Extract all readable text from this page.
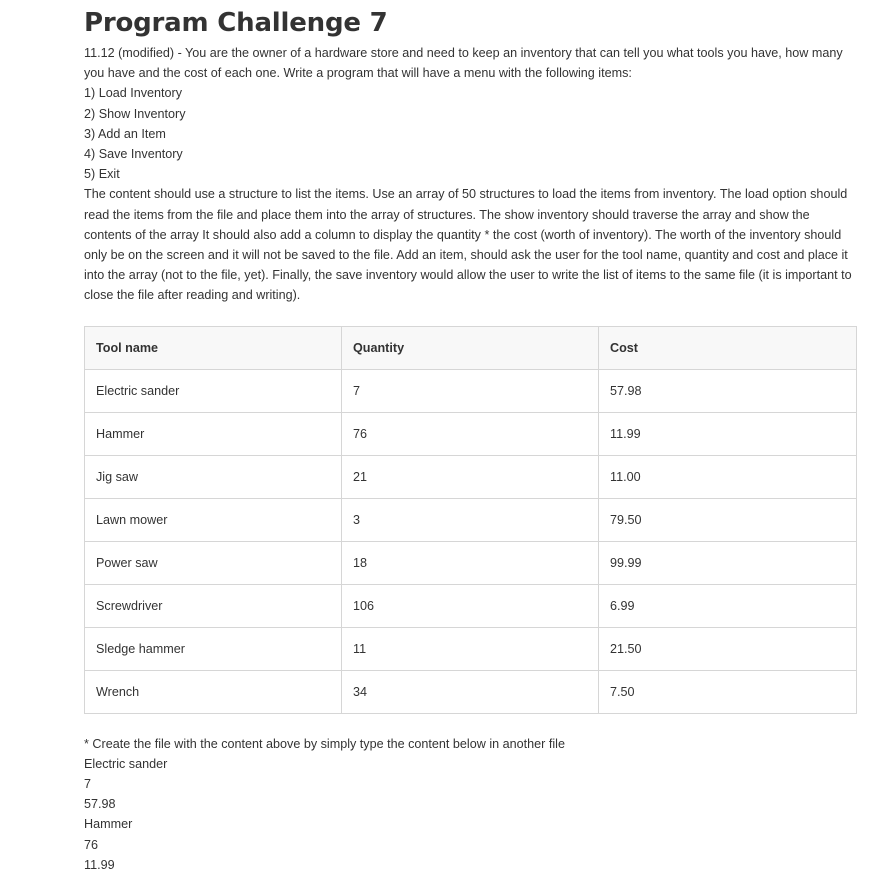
Program Challenge 7

11.12 (modified) - You are the owner of a hardware store and need to keep an inventory that can tell you what tools you have, how many you have and the cost of each one. Write a program that will have a menu with the following items:

1) Load Inventory
2) Show Inventory
3) Add an Item
4) Save Inventory
5) Exit

The content should use a structure to list the items. Use an array of 50 structures to load the items from inventory. The load option should read the items from the file and place them into the array of structures. The show inventory should traverse the array and show the contents of the array It should also add a column to display the quantity * the cost (worth of inventory). The worth of the inventory should only be on the screen and it will not be saved to the file. Add an item, should ask the user for the tool name, quantity and cost and place it into the array (not to the file, yet). Finally, the save inventory would allow the user to write the list of items to the same file (it is important to close the file after reading and writing).

Tool name	Quantity	Cost
Electric sander	7	57.98
Hammer	76	11.99
Jig saw	21	11.00
Lawn mower	3	79.50
Power saw	18	99.99
Screwdriver	106	6.99
Sledge hammer	11	21.50
Wrench	34	7.50

* Create the file with the content above by simply type the content below in another file

Electric sander
7
57.98
Hammer
76
11.99
